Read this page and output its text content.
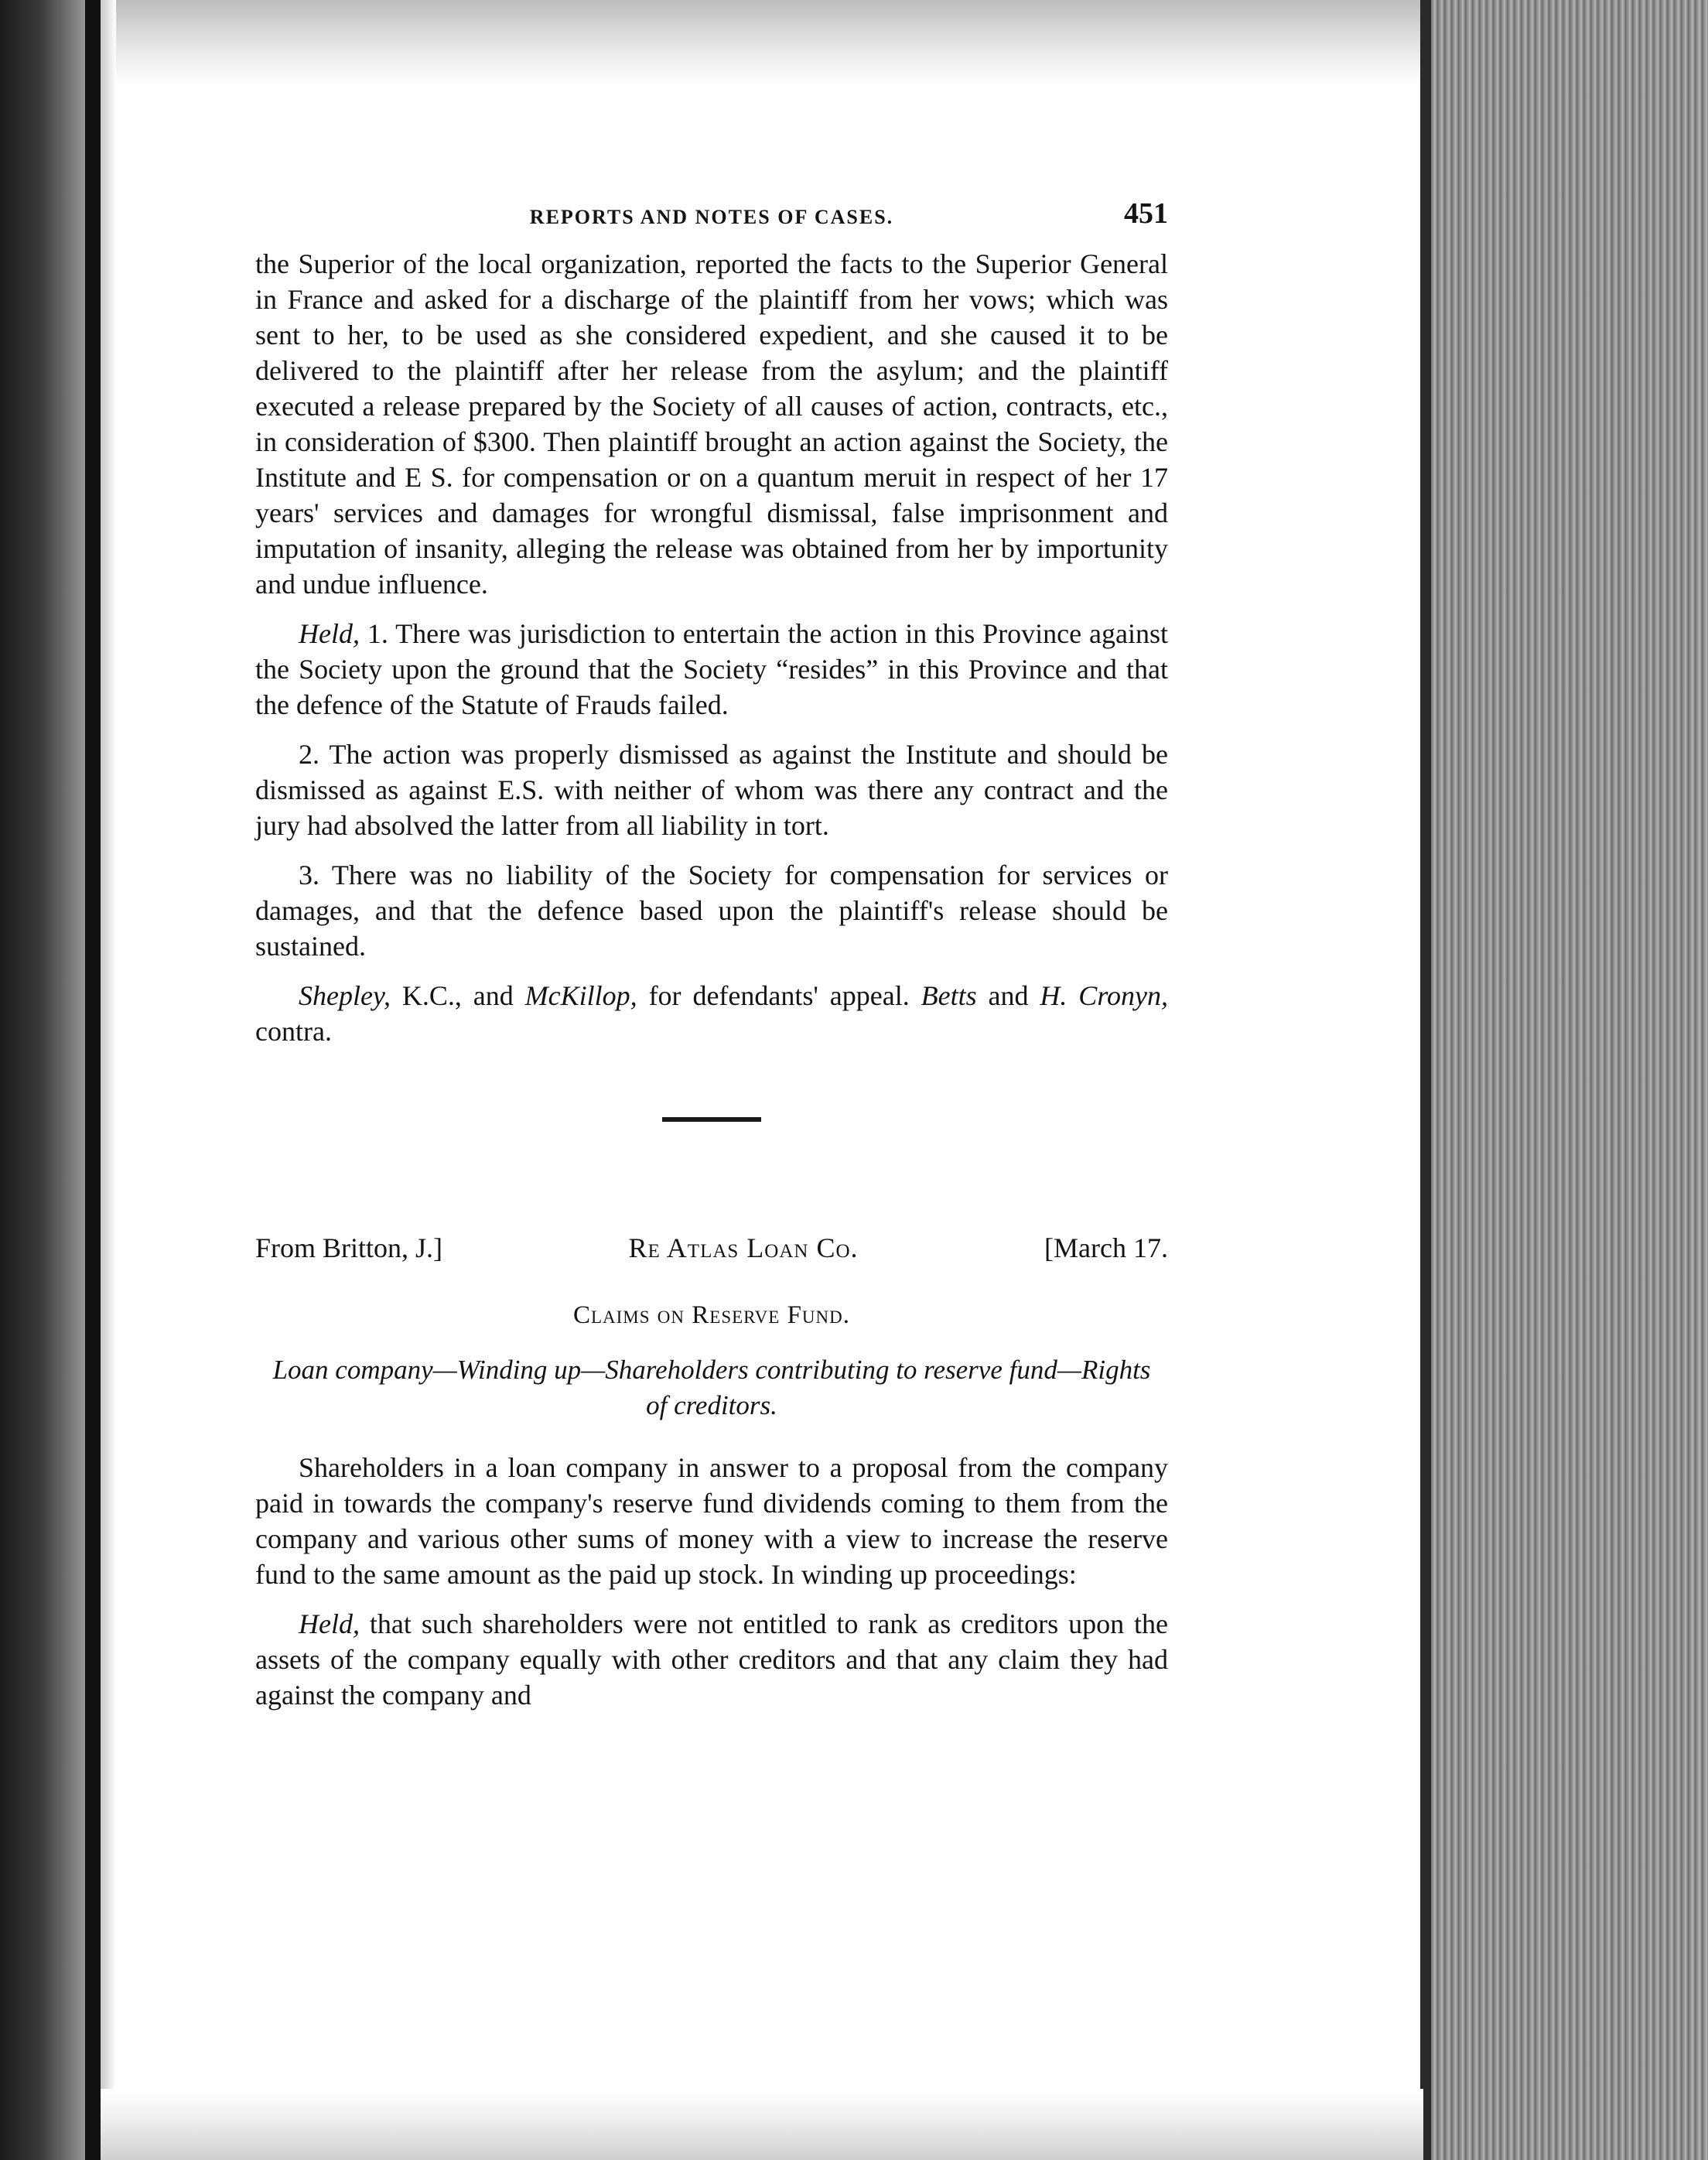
REPORTS AND NOTES OF CASES.	451

the Superior of the local organization, reported the facts to the Superior General in France and asked for a discharge of the plaintiff from her vows; which was sent to her, to be used as she considered expedient, and she caused it to be delivered to the plaintiff after her release from the asylum; and the plaintiff executed a release prepared by the Society of all causes of action, contracts, etc., in consideration of $300. Then plaintiff brought an action against the Society, the Institute and E S. for compensation or on a quantum meruit in respect of her 17 years' services and damages for wrongful dismissal, false imprisonment and imputation of insanity, alleging the release was obtained from her by importunity and undue influence.

Held, 1. There was jurisdiction to entertain the action in this Province against the Society upon the ground that the Society “resides” in this Province and that the defence of the Statute of Frauds failed.

2. The action was properly dismissed as against the Institute and should be dismissed as against E.S. with neither of whom was there any contract and the jury had absolved the latter from all liability in tort.

3. There was no liability of the Society for compensation for services or damages, and that the defence based upon the plaintiff's release should be sustained.

Shepley, K.C., and McKillop, for defendants' appeal. Betts and H. Cronyn, contra.

From Britton, J.]	Re Atlas Loan Co.	[March 17.
Claims on Reserve Fund.
Loan company—Winding up—Shareholders contributing to reserve fund—Rights of creditors.

Shareholders in a loan company in answer to a proposal from the company paid in towards the company's reserve fund dividends coming to them from the company and various other sums of money with a view to increase the reserve fund to the same amount as the paid up stock. In winding up proceedings:

Held, that such shareholders were not entitled to rank as creditors upon the assets of the company equally with other creditors and that any claim they had against the company and
